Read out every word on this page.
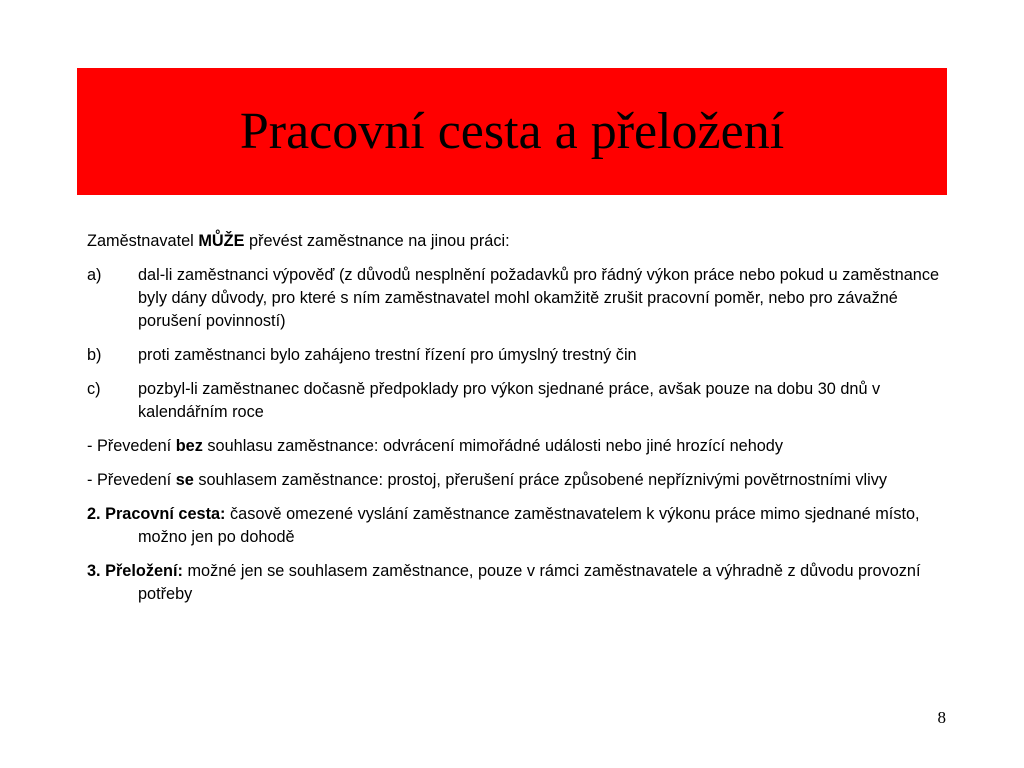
Pracovní cesta a přeložení

Zaměstnavatel MŮŽE převést zaměstnance na jinou práci:

a)	dal-li zaměstnanci výpověď (z důvodů nesplnění požadavků pro řádný výkon práce nebo pokud u zaměstnance byly dány důvody, pro které s ním zaměstnavatel mohl okamžitě zrušit pracovní poměr, nebo pro závažné porušení povinností)
b)	proti zaměstnanci bylo zahájeno trestní řízení pro úmyslný trestný čin
c)	pozbyl-li zaměstnanec dočasně předpoklady pro výkon sjednané práce, avšak pouze na dobu 30 dnů v kalendářním roce

- Převedení bez souhlasu zaměstnance: odvrácení mimořádné události nebo jiné hrozící nehody

- Převedení se souhlasem zaměstnance: prostoj, přerušení práce způsobené nepříznivými povětrnostními vlivy

2. Pracovní cesta: časově omezené vyslání zaměstnance zaměstnavatelem k výkonu práce mimo sjednané místo, možno jen po dohodě

3. Přeložení: možné jen se souhlasem zaměstnance, pouze v rámci zaměstnavatele a výhradně z důvodu provozní potřeby

8
